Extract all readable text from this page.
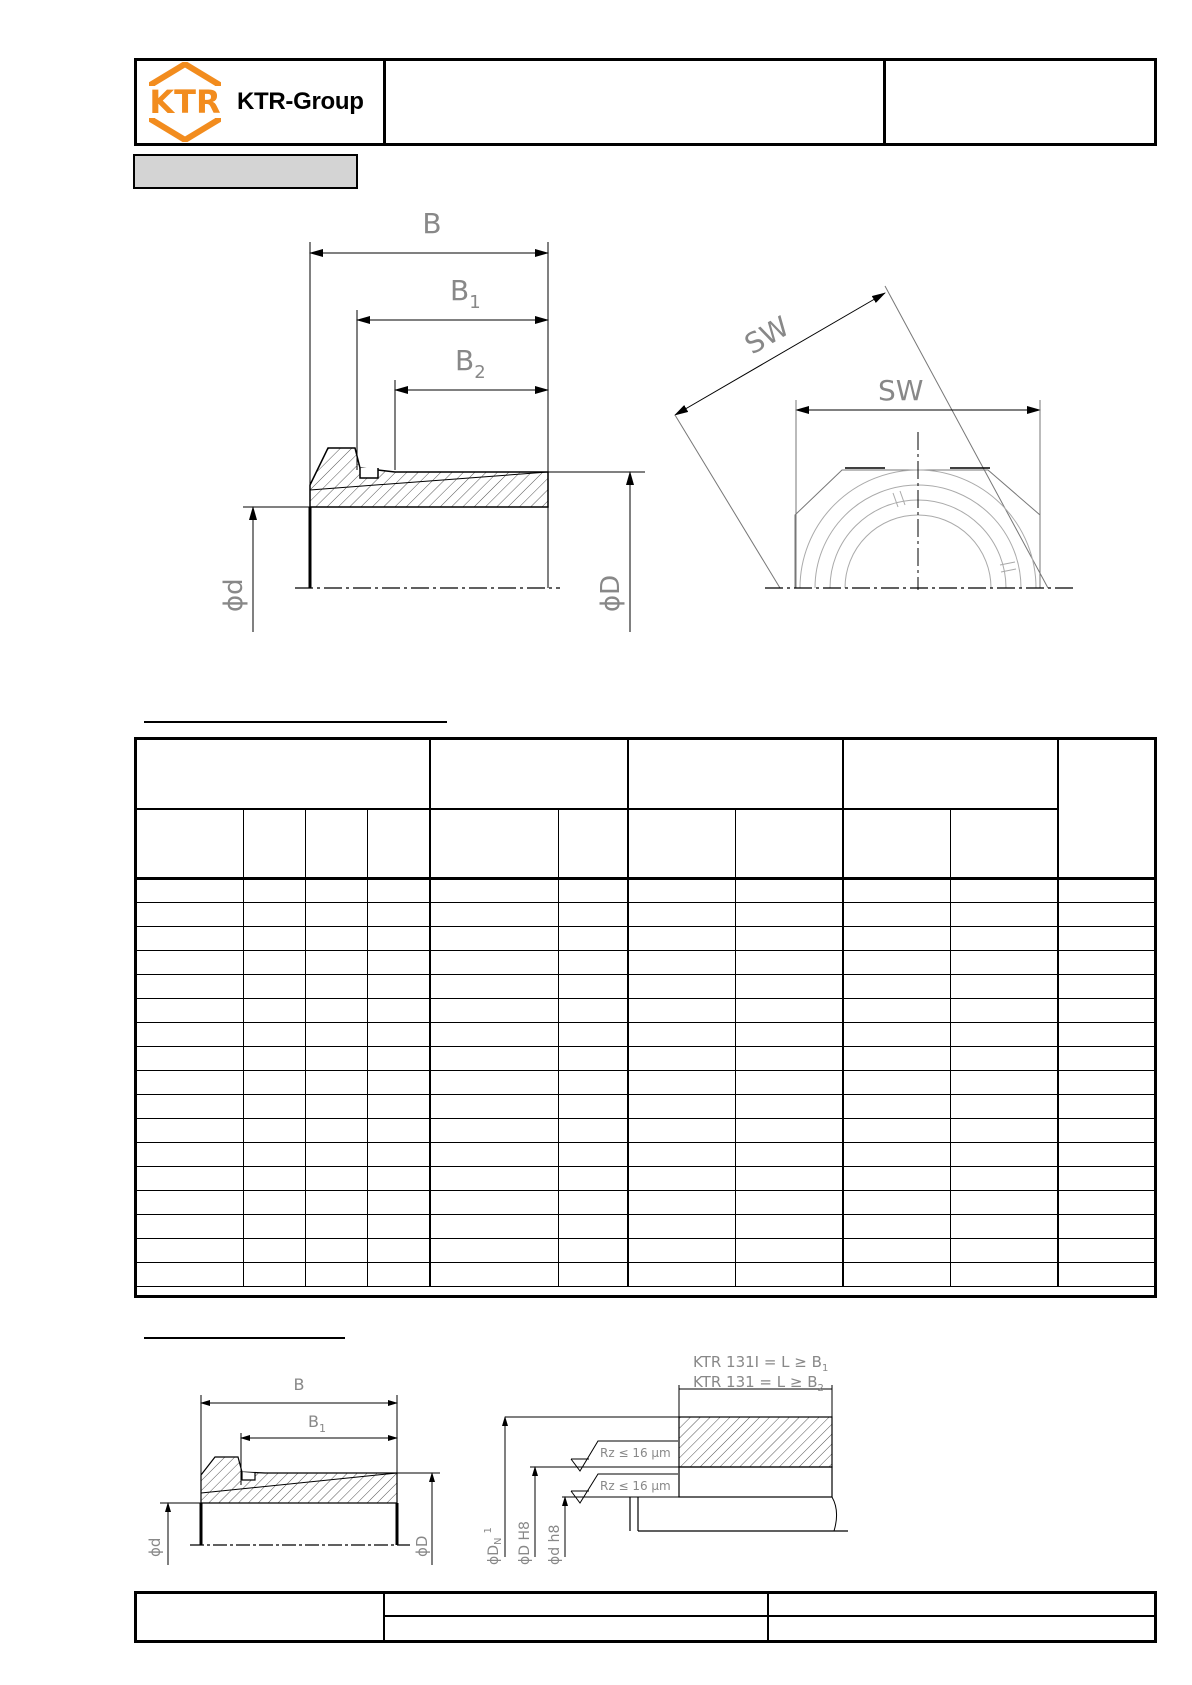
KTR KTR-Group
B
$B_1$
$B_2$
ϕd	ϕD
SW
SW

B
$B_1$
ϕd	ϕD
KTR $131I = L \ge B_1$
KTR $131 = L \ge B_2$
Rz ≤ 16 µm
Rz ≤ 16 µm
$\phi D_N^1$	ϕD H8 ϕd h8
